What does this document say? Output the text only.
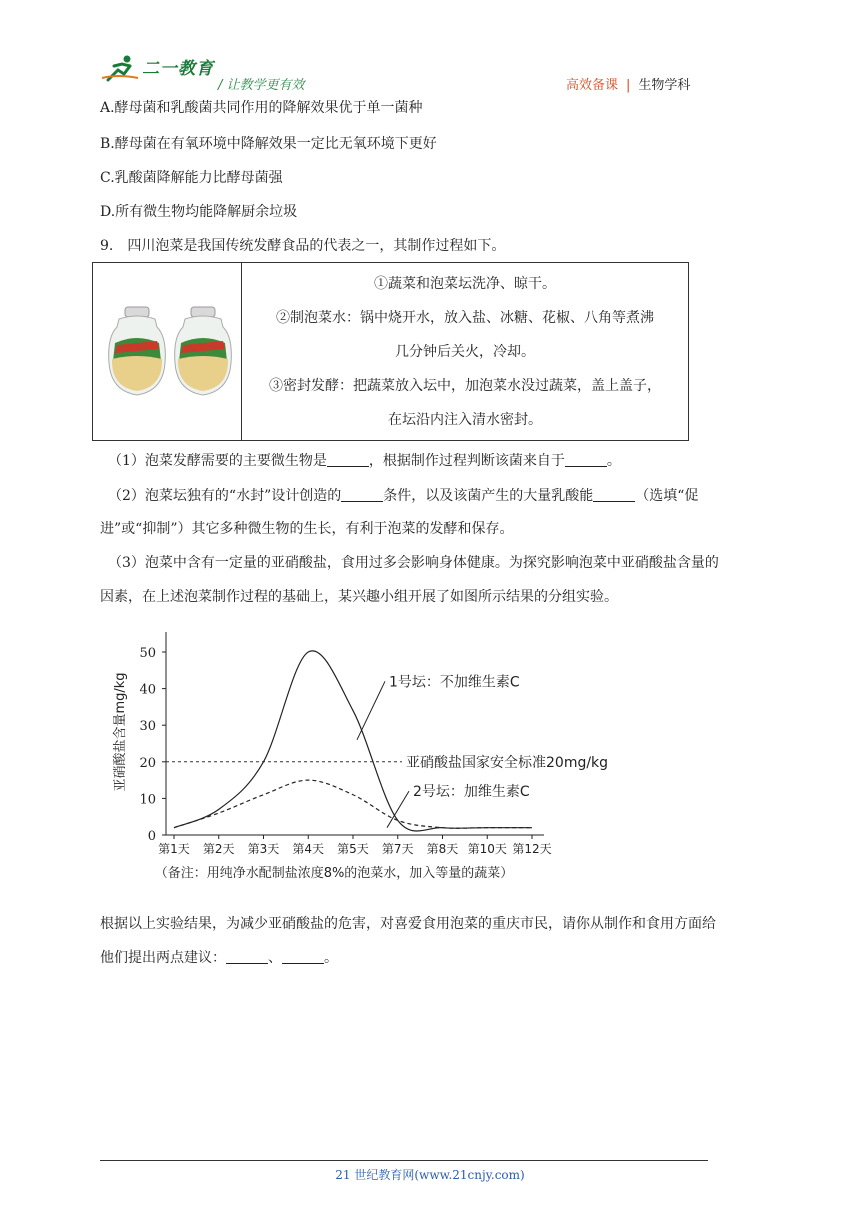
二一教育
/ 让教学更有效	高效备课 | 生物学科
A.酵母菌和乳酸菌共同作用的降解效果优于单一菌种
B.酵母菌在有氧环境中降解效果一定比无氧环境下更好
C.乳酸菌降解能力比酵母菌强
D.所有微生物均能降解厨余垃圾
9.　四川泡菜是我国传统发酵食品的代表之一，其制作过程如下。
①蔬菜和泡菜坛洗净、晾干。
②制泡菜水：锅中烧开水，放入盐、冰糖、花椒、八角等煮沸
几分钟后关火，冷却。
③密封发酵：把蔬菜放入坛中，加泡菜水没过蔬菜，盖上盖子，
在坛沿内注入清水密封。
（1）泡菜发酵需要的主要微生物是	，根据制作过程判断该菌来自于	。
（2）泡菜坛独有的“水封”设计创造的	条件，以及该菌产生的大量乳酸能	（选填“促
进”或“抑制”）其它多种微生物的生长，有利于泡菜的发酵和保存。
（3）泡菜中含有一定量的亚硝酸盐，食用过多会影响身体健康。为探究影响泡菜中亚硝酸盐含量的
因素，在上述泡菜制作过程的基础上，某兴趣小组开展了如图所示结果的分组实验。
亚硝酸盐含量mg/kg
0
10
20
30
40
50
第1天 第2天 第3天 第4天 第5天 第7天 第8天 第10天 第12天
1号坛：不加维生素C
2号坛：加维生素C
亚硝酸盐国家安全标准20mg/kg
（备注：用纯净水配制盐浓度8%的泡菜水，加入等量的蔬菜）
根据以上实验结果，为减少亚硝酸盐的危害，对喜爱食用泡菜的重庆市民，请你从制作和食用方面给
他们提出两点建议：	、	。
21 世纪教育网(www.21cnjy.com)
